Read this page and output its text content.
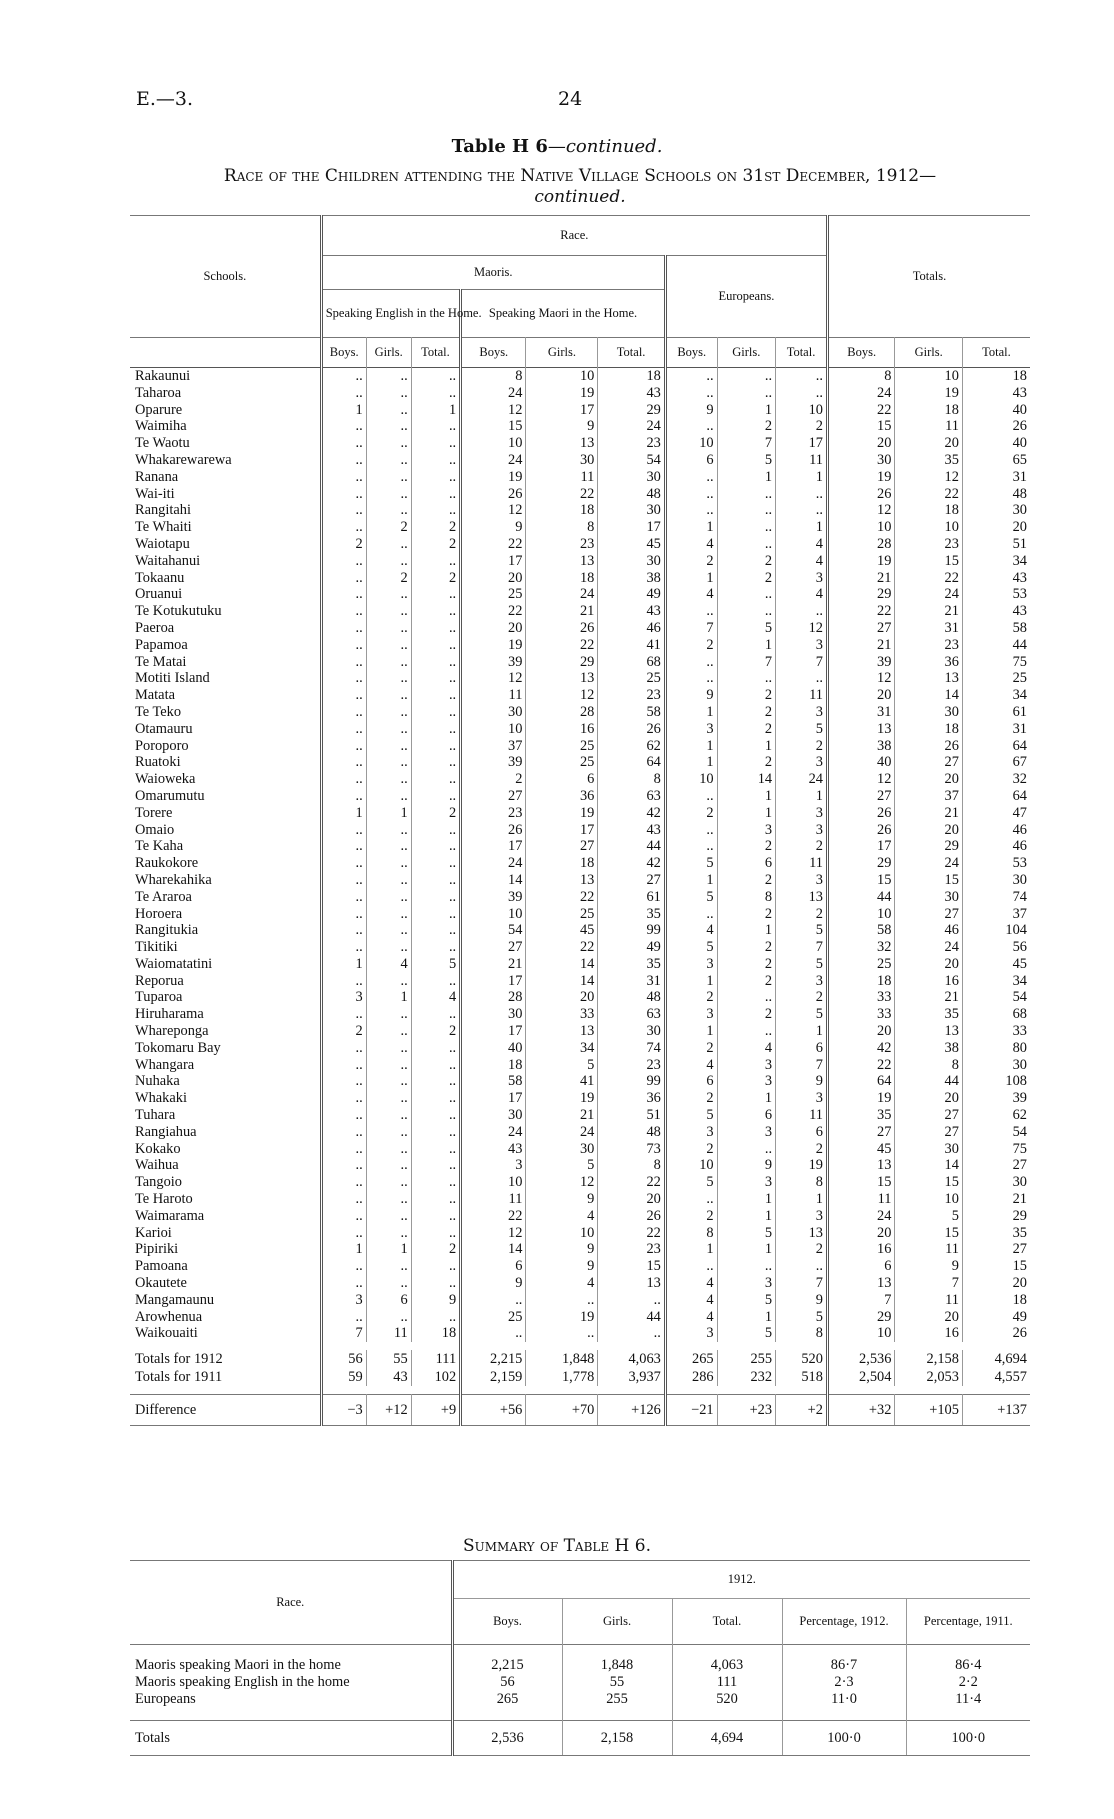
E.—3.	24
Table H 6—continued.
Race of the Children attending the Native Village Schools on 31st December, 1912—
continued.
Schools.	Race.									Totals.		
	Maoris.						Europeans.					
	Speaking English in the Home.			Speaking Maori in the Home.								
	Boys.	Girls.	Total.	Boys.	Girls.	Total.	Boys.	Girls.	Total.	Boys.	Girls.	Total.
Rakaunui	..	..	..	8	10	18	..	..	..	8	10	18
Taharoa	..	..	..	24	19	43	..	..	..	24	19	43
Oparure	1	..	1	12	17	29	9	1	10	22	18	40
Waimiha	..	..	..	15	9	24	..	2	2	15	11	26
Te Waotu	..	..	..	10	13	23	10	7	17	20	20	40
Whakarewarewa	..	..	..	24	30	54	6	5	11	30	35	65
Ranana	..	..	..	19	11	30	..	1	1	19	12	31
Wai-iti	..	..	..	26	22	48	..	..	..	26	22	48
Rangitahi	..	..	..	12	18	30	..	..	..	12	18	30
Te Whaiti	..	2	2	9	8	17	1	..	1	10	10	20
Waiotapu	2	..	2	22	23	45	4	..	4	28	23	51
Waitahanui	..	..	..	17	13	30	2	2	4	19	15	34
Tokaanu	..	2	2	20	18	38	1	2	3	21	22	43
Oruanui	..	..	..	25	24	49	4	..	4	29	24	53
Te Kotukutuku	..	..	..	22	21	43	..	..	..	22	21	43
Paeroa	..	..	..	20	26	46	7	5	12	27	31	58
Papamoa	..	..	..	19	22	41	2	1	3	21	23	44
Te Matai	..	..	..	39	29	68	..	7	7	39	36	75
Motiti Island	..	..	..	12	13	25	..	..	..	12	13	25
Matata	..	..	..	11	12	23	9	2	11	20	14	34
Te Teko	..	..	..	30	28	58	1	2	3	31	30	61
Otamauru	..	..	..	10	16	26	3	2	5	13	18	31
Poroporo	..	..	..	37	25	62	1	1	2	38	26	64
Ruatoki	..	..	..	39	25	64	1	2	3	40	27	67
Waioweka	..	..	..	2	6	8	10	14	24	12	20	32
Omarumutu	..	..	..	27	36	63	..	1	1	27	37	64
Torere	1	1	2	23	19	42	2	1	3	26	21	47
Omaio	..	..	..	26	17	43	..	3	3	26	20	46
Te Kaha	..	..	..	17	27	44	..	2	2	17	29	46
Raukokore	..	..	..	24	18	42	5	6	11	29	24	53
Wharekahika	..	..	..	14	13	27	1	2	3	15	15	30
Te Araroa	..	..	..	39	22	61	5	8	13	44	30	74
Horoera	..	..	..	10	25	35	..	2	2	10	27	37
Rangitukia	..	..	..	54	45	99	4	1	5	58	46	104
Tikitiki	..	..	..	27	22	49	5	2	7	32	24	56
Waiomatatini	1	4	5	21	14	35	3	2	5	25	20	45
Reporua	..	..	..	17	14	31	1	2	3	18	16	34
Tuparoa	3	1	4	28	20	48	2	..	2	33	21	54
Hiruharama	..	..	..	30	33	63	3	2	5	33	35	68
Whareponga	2	..	2	17	13	30	1	..	1	20	13	33
Tokomaru Bay	..	..	..	40	34	74	2	4	6	42	38	80
Whangara	..	..	..	18	5	23	4	3	7	22	8	30
Nuhaka	..	..	..	58	41	99	6	3	9	64	44	108
Whakaki	..	..	..	17	19	36	2	1	3	19	20	39
Tuhara	..	..	..	30	21	51	5	6	11	35	27	62
Rangiahua	..	..	..	24	24	48	3	3	6	27	27	54
Kokako	..	..	..	43	30	73	2	..	2	45	30	75
Waihua	..	..	..	3	5	8	10	9	19	13	14	27
Tangoio	..	..	..	10	12	22	5	3	8	15	15	30
Te Haroto	..	..	..	11	9	20	..	1	1	11	10	21
Waimarama	..	..	..	22	4	26	2	1	3	24	5	29
Karioi	..	..	..	12	10	22	8	5	13	20	15	35
Pipiriki	1	1	2	14	9	23	1	1	2	16	11	27
Pamoana	..	..	..	6	9	15	..	..	..	6	9	15
Okautete	..	..	..	9	4	13	4	3	7	13	7	20
Mangamaunu	3	6	9	..	..	..	4	5	9	7	11	18
Arowhenua	..	..	..	25	19	44	4	1	5	29	20	49
Waikouaiti	7	11	18	..	..	..	3	5	8	10	16	26

Totals for 1912	56	55	111	2,215	1,848	4,063	265	255	520	2,536	2,158	4,694
Totals for 1911	59	43	102	2,159	1,778	3,937	286	232	518	2,504	2,053	4,557

Difference	−3	+12	+9	+56	+70	+126	−21	+23	+2	+32	+105	+137
Summary of Table H 6.
Race.	1912.				
	Boys.	Girls.	Total.	Percentage, 1912.	Percentage, 1911.

Maoris speaking Maori in the home	2,215	1,848	4,063	86·7	86·4
Maoris speaking English in the home	56	55	111	2·3	2·2
Europeans	265	255	520	11·0	11·4

Totals	2,536	2,158	4,694	100·0	100·0
